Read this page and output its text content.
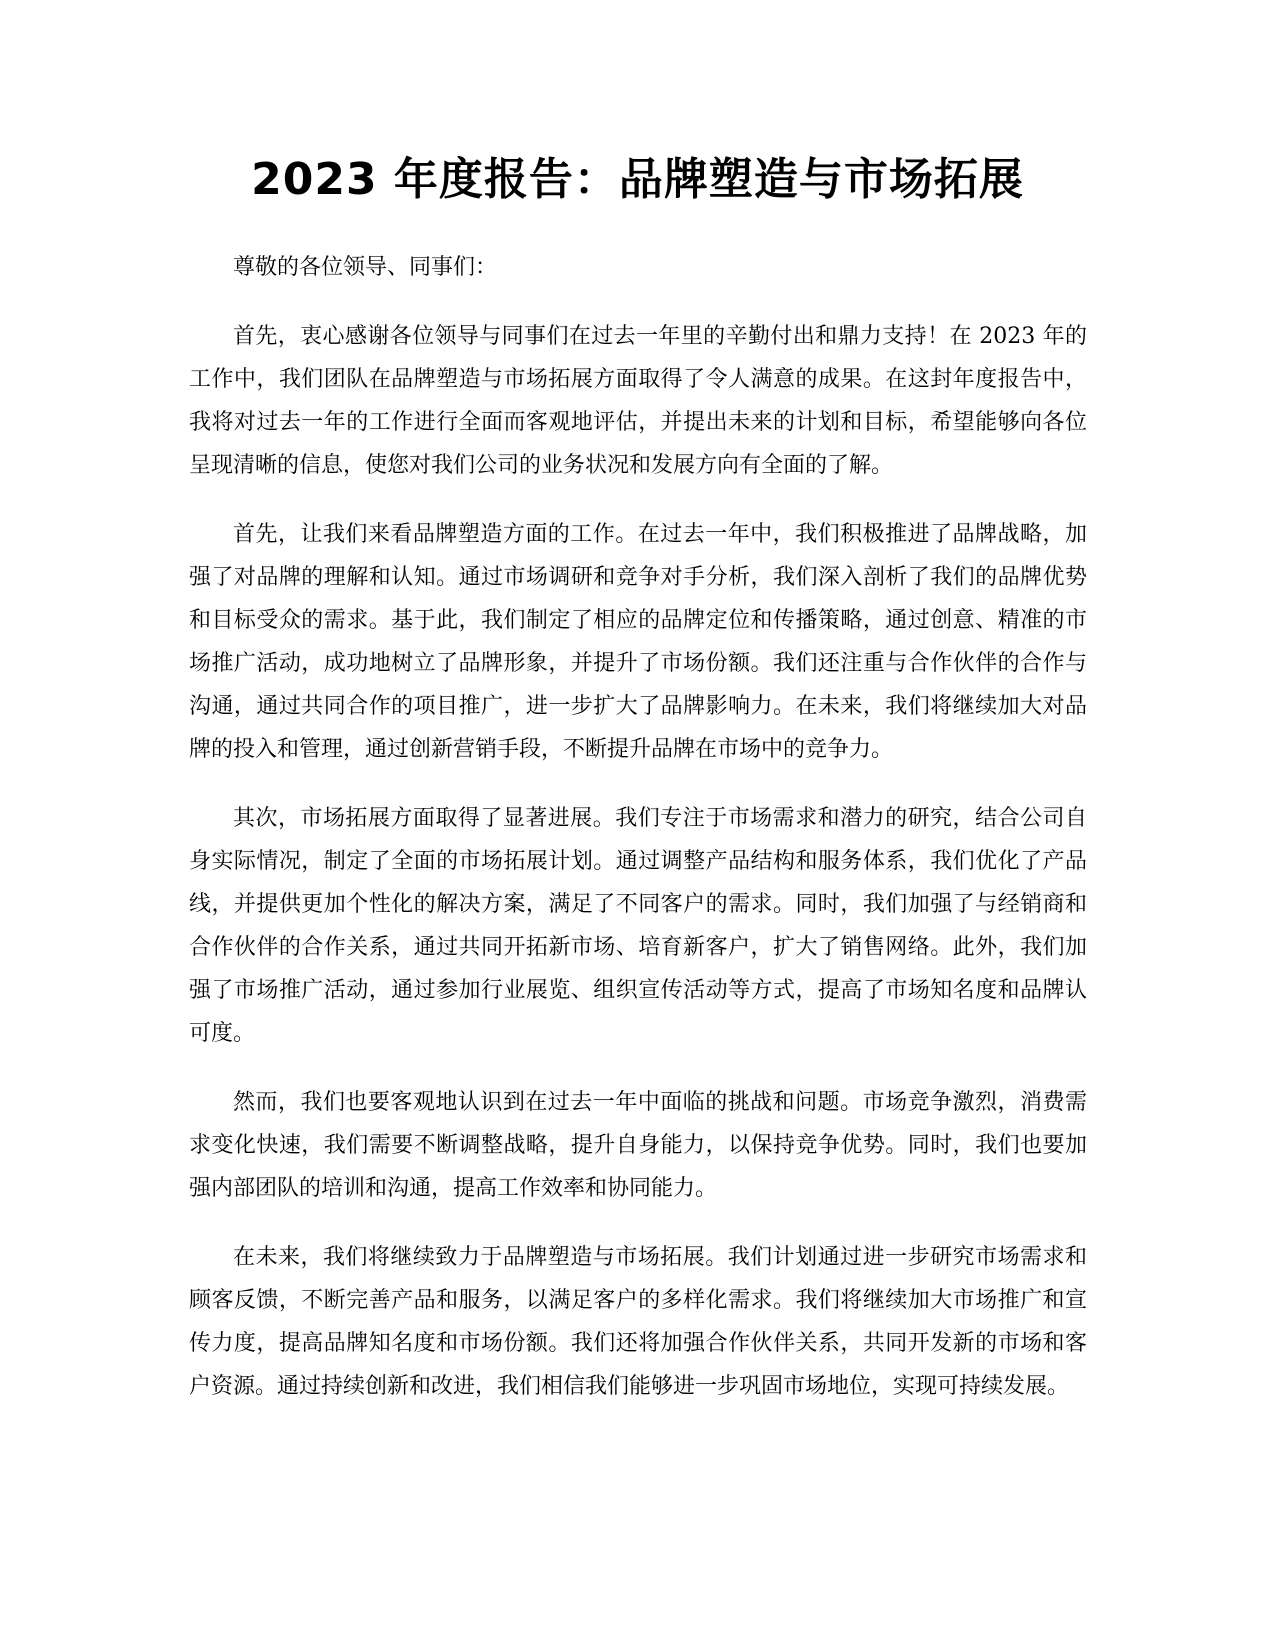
2023 年度报告：品牌塑造与市场拓展

尊敬的各位领导、同事们：

首先，衷心感谢各位领导与同事们在过去一年里的辛勤付出和鼎力支持！在 2023 年的工作中，我们团队在品牌塑造与市场拓展方面取得了令人满意的成果。在这封年度报告中，我将对过去一年的工作进行全面而客观地评估，并提出未来的计划和目标，希望能够向各位呈现清晰的信息，使您对我们公司的业务状况和发展方向有全面的了解。

首先，让我们来看品牌塑造方面的工作。在过去一年中，我们积极推进了品牌战略，加强了对品牌的理解和认知。通过市场调研和竞争对手分析，我们深入剖析了我们的品牌优势和目标受众的需求。基于此，我们制定了相应的品牌定位和传播策略，通过创意、精准的市场推广活动，成功地树立了品牌形象，并提升了市场份额。我们还注重与合作伙伴的合作与沟通，通过共同合作的项目推广，进一步扩大了品牌影响力。在未来，我们将继续加大对品牌的投入和管理，通过创新营销手段，不断提升品牌在市场中的竞争力。

其次，市场拓展方面取得了显著进展。我们专注于市场需求和潜力的研究，结合公司自身实际情况，制定了全面的市场拓展计划。通过调整产品结构和服务体系，我们优化了产品线，并提供更加个性化的解决方案，满足了不同客户的需求。同时，我们加强了与经销商和合作伙伴的合作关系，通过共同开拓新市场、培育新客户，扩大了销售网络。此外，我们加强了市场推广活动，通过参加行业展览、组织宣传活动等方式，提高了市场知名度和品牌认可度。

然而，我们也要客观地认识到在过去一年中面临的挑战和问题。市场竞争激烈，消费需求变化快速，我们需要不断调整战略，提升自身能力，以保持竞争优势。同时，我们也要加强内部团队的培训和沟通，提高工作效率和协同能力。

在未来，我们将继续致力于品牌塑造与市场拓展。我们计划通过进一步研究市场需求和顾客反馈，不断完善产品和服务，以满足客户的多样化需求。我们将继续加大市场推广和宣传力度，提高品牌知名度和市场份额。我们还将加强合作伙伴关系，共同开发新的市场和客户资源。通过持续创新和改进，我们相信我们能够进一步巩固市场地位，实现可持续发展。
